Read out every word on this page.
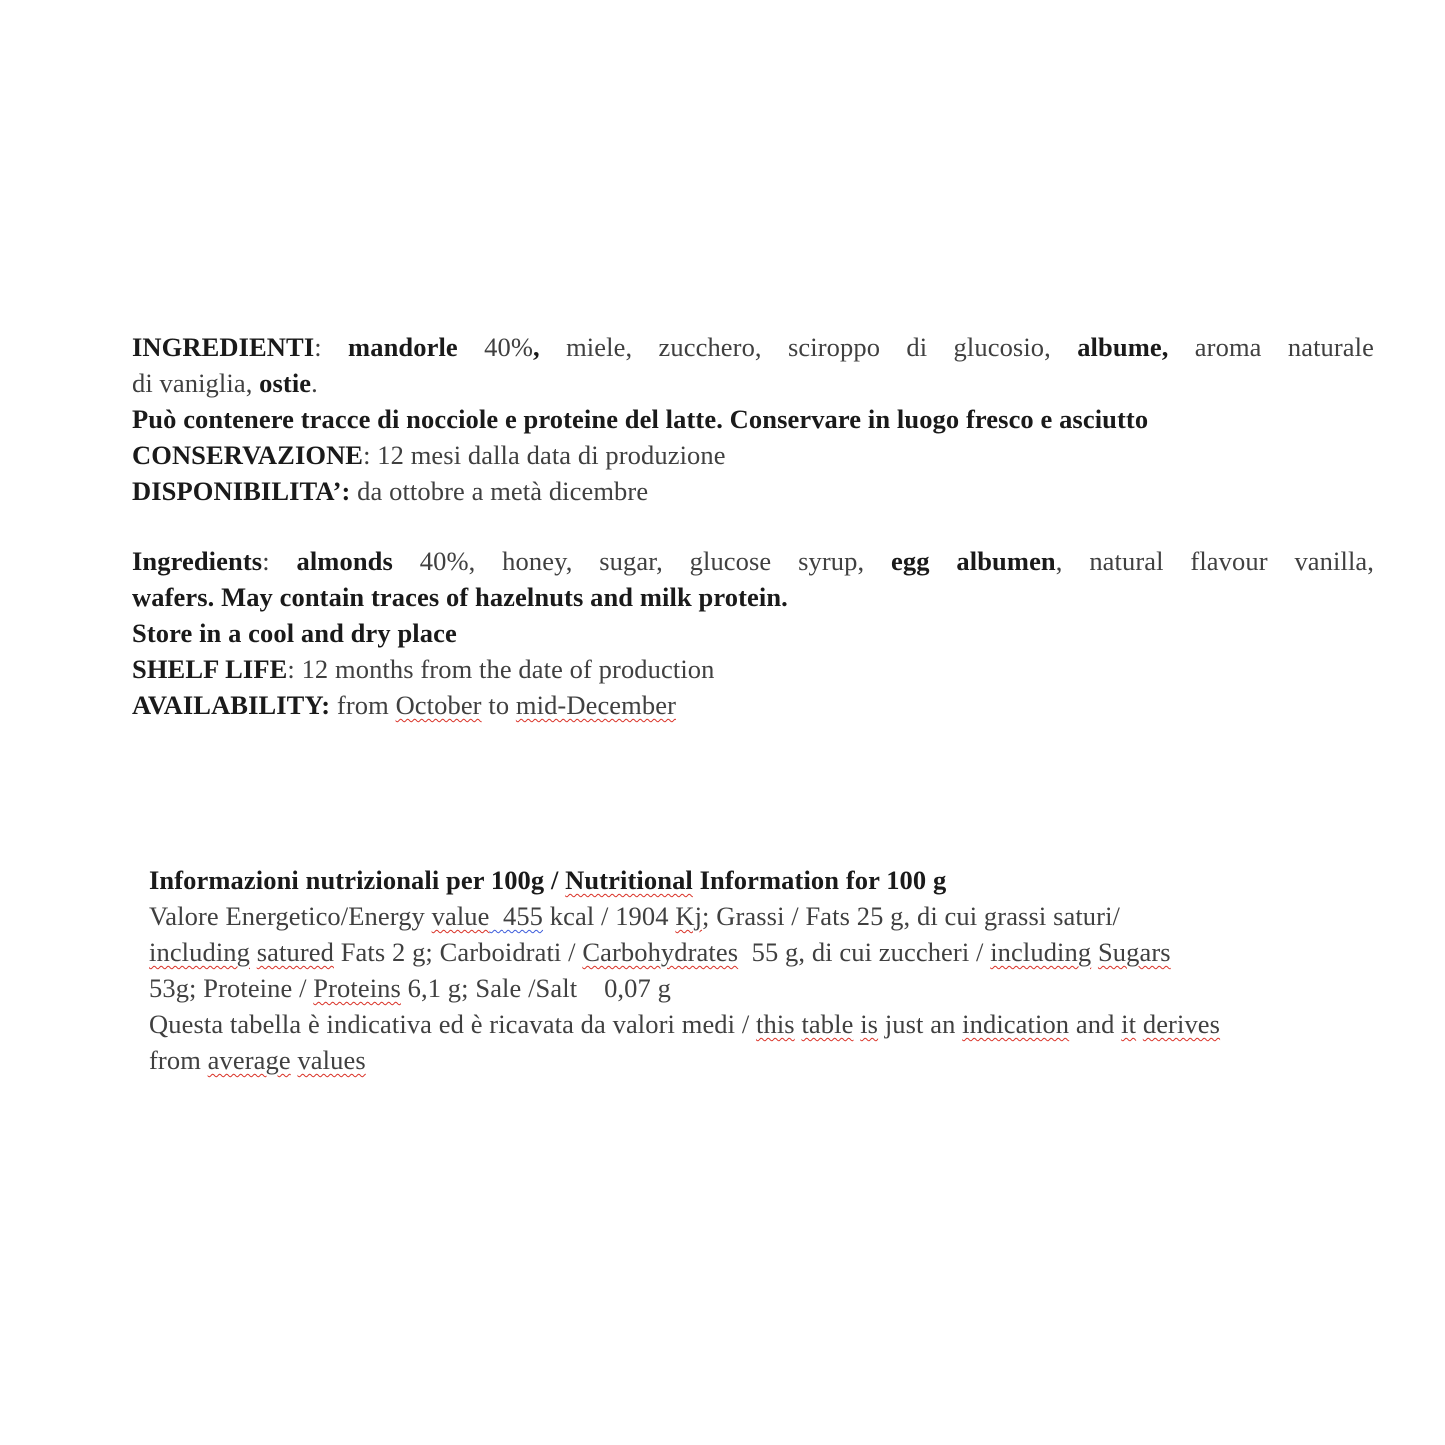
INGREDIENTI: mandorle 40%, miele, zucchero, sciroppo di glucosio, albume, aroma naturale
di vaniglia, ostie.
Può contenere tracce di nocciole e proteine del latte. Conservare in luogo fresco e asciutto
CONSERVAZIONE: 12 mesi dalla data di produzione
DISPONIBILITA’: da ottobre a metà dicembre
Ingredients: almonds 40%, honey, sugar, glucose syrup, egg albumen, natural flavour vanilla,
wafers. May contain traces of hazelnuts and milk protein.
Store in a cool and dry place
SHELF LIFE: 12 months from the date of production
AVAILABILITY: from October to mid-December
Informazioni nutrizionali per 100g / Nutritional Information for 100 g
Valore Energetico/Energy value 455 kcal / 1904 Kj; Grassi / Fats 25 g, di cui grassi saturi/
including satured Fats 2 g; Carboidrati / Carbohydrates  55 g, di cui zuccheri / including Sugars
53g; Proteine / Proteins 6,1 g; Sale /Salt    0,07 g
Questa tabella è indicativa ed è ricavata da valori medi / this table is just an indication and it derives
from average values
